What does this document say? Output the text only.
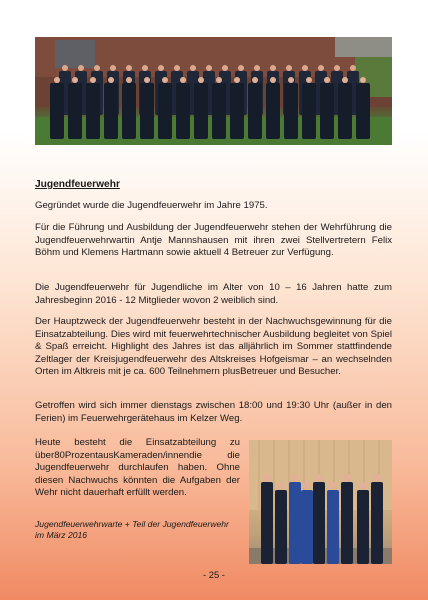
Jugendfeuerwehr

Gegründet wurde die Jugendfeuerwehr im Jahre 1975.

Für die Führung und Ausbildung der Jugendfeuerwehr stehen der Wehrführung die Jugendfeuerwehrwartin Antje Mannshausen mit ihren zwei Stellvertretern Felix Böhm und Klemens Hartmann sowie aktuell 4 Betreuer zur Verfügung.

Die Jugendfeuerwehr für Jugendliche im Alter von 10 – 16 Jahren hatte zum Jahresbeginn 2016 - 12 Mitglieder wovon 2 weiblich sind.

Der Hauptzweck der Jugendfeuerwehr besteht in der Nachwuchsgewinnung für die Einsatzabteilung. Dies wird mit feuerwehrtechnischer Ausbildung begleitet von Spiel & Spaß erreicht. Highlight des Jahres ist das alljährlich im Sommer stattfindende Zeltlager der Kreisjugendfeuerwehr des Altskreises Hofgeismar – an wechselnden Orten im Altkreis mit je ca. 600 Teilnehmern plusBetreuer und Besucher.

Getroffen wird sich immer dienstags zwischen 18:00 und 19:30 Uhr (außer in den Ferien) im Feuerwehrgerätehaus im Kelzer Weg.

Heute besteht die Einsatzabteilung zu über80ProzentausKameraden/innendie die Jugendfeuerwehr durchlaufen haben. Ohne diesen Nachwuchs könnten die Aufgaben der Wehr nicht dauerhaft erfüllt werden.

Jugendfeuerwehrwarte + Teil der Jugendfeuerwehr im März 2016

- 25 -
